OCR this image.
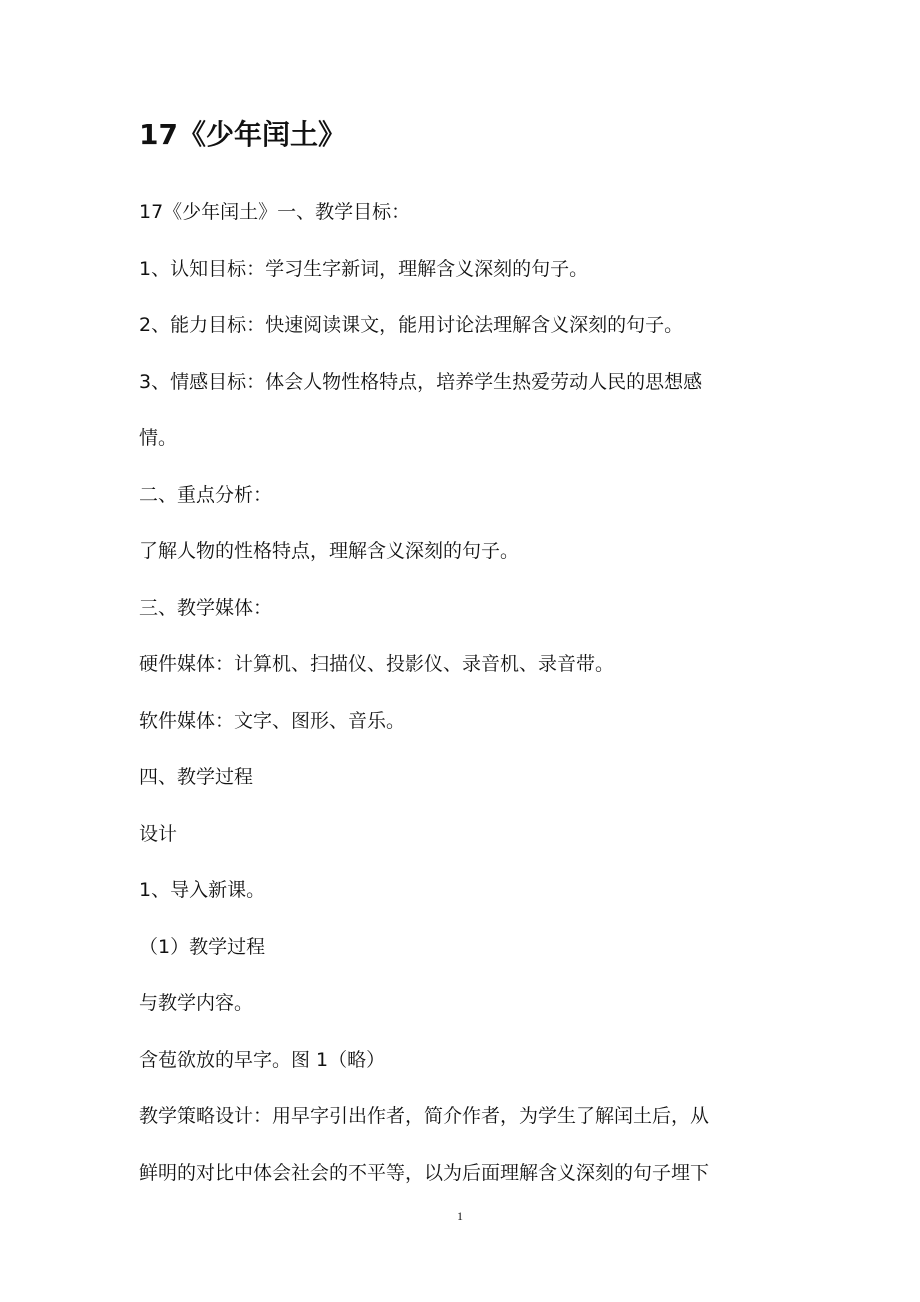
17《少年闰土》
17《少年闰土》一、教学目标：
1、认知目标：学习生字新词，理解含义深刻的句子。
2、能力目标：快速阅读课文，能用讨论法理解含义深刻的句子。
3、情感目标：体会人物性格特点，培养学生热爱劳动人民的思想感
情。
二、重点分析：
了解人物的性格特点，理解含义深刻的句子。
三、教学媒体：
硬件媒体：计算机、扫描仪、投影仪、录音机、录音带。
软件媒体：文字、图形、音乐。
四、教学过程
设计
1、导入新课。
（1）教学过程
与教学内容。
含苞欲放的早字。图 1（略）
教学策略设计：用早字引出作者，简介作者，为学生了解闰土后，从
鲜明的对比中体会社会的不平等，以为后面理解含义深刻的句子埋下
1
